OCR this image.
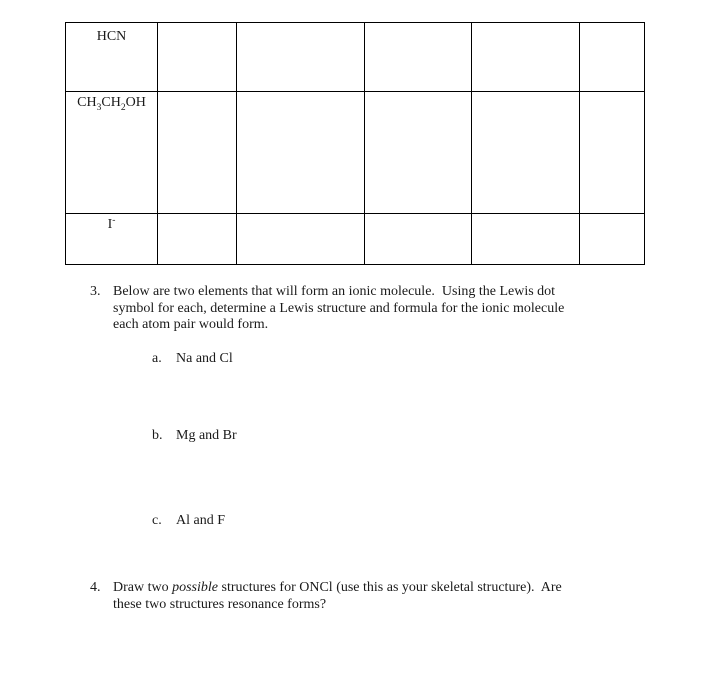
HCN					

$CH_3CH_2OH$					

I-

3. Below are two elements that will form an ionic molecule.  Using the Lewis dot
symbol for each, determine a Lewis structure and formula for the ionic molecule
each atom pair would form.

a. Na and Cl

b. Mg and Br

c. Al and F

4. Draw two possible structures for ONCl (use this as your skeletal structure).  Are
these two structures resonance forms?
